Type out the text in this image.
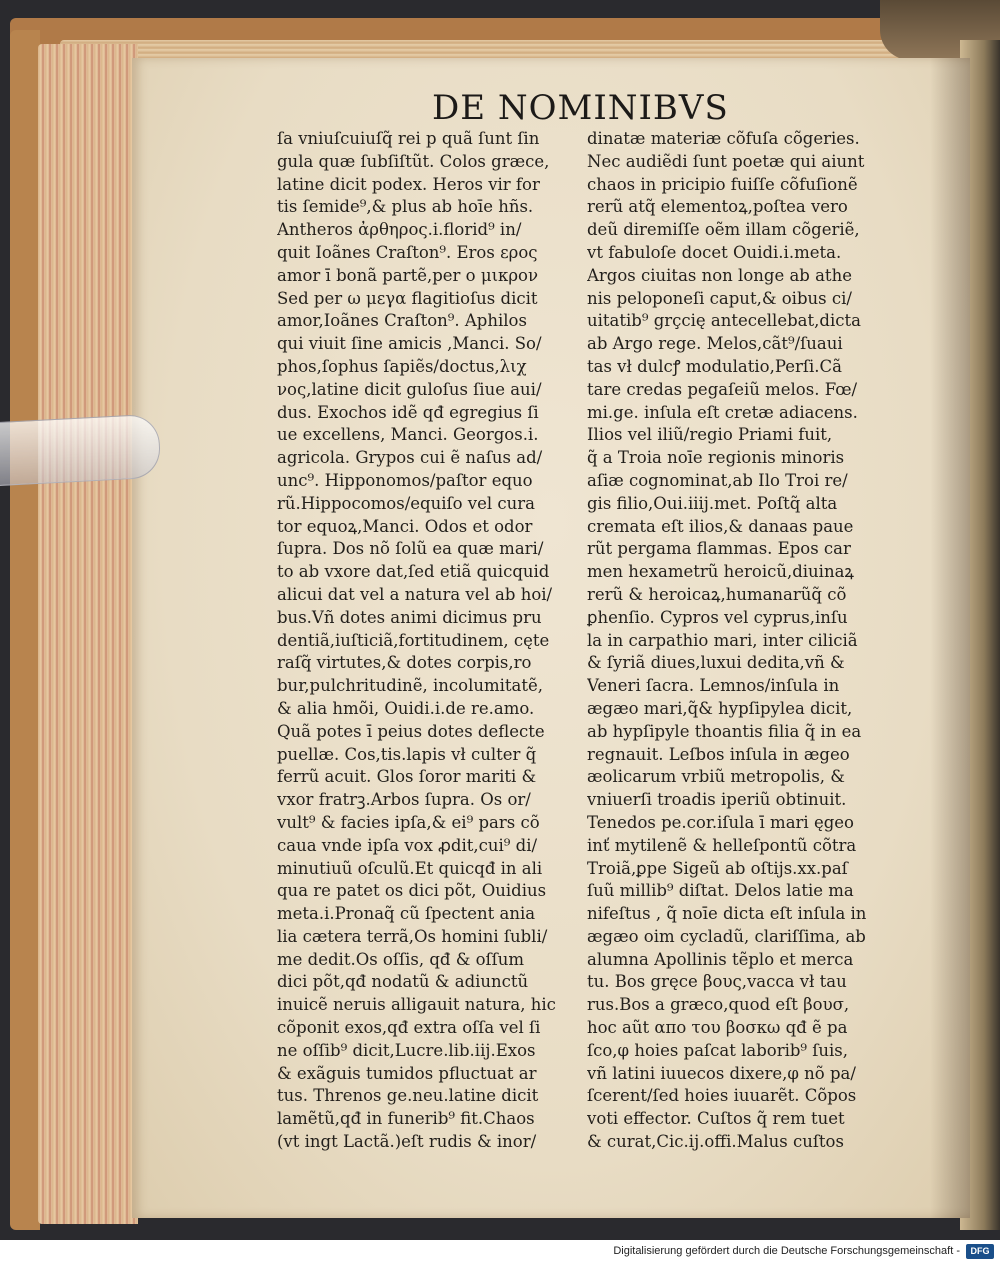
DE NOMINIBVS
ſa vniuſcuiuſq̃ rei p quã ſunt ſin
gula quæ ſubſiſtũt. Colos græce,
latine dicit podex. Heros vir for
tis ſemide⁹,& plus ab hoīe hñs.
Antheros ἀρθηρος.i.florid⁹ in/
quit Ioãnes Craſton⁹. Eros ερος
amor ī bonã partẽ,per ο μικρον
Sed per ω μεγα flagitioſus dicit
amor,Ioãnes Craſton⁹. Aphilos
qui viuit ſine amicis ,Manci. So/
phos,ſophus ſapiẽs/doctus,λιχ
νος,latine dicit guloſus ſiue aui/
dus. Exochos idẽ qđ egregius ſi
ue excellens, Manci. Georgos.i.
agricola. Grypos cui ẽ naſus ad/
unc⁹. Hipponomos/paſtor equo
rũ.Hippocomos/equiſo vel cura
tor equoꝝ,Manci. Odos et odor
ſupra. Dos nõ ſolũ ea quæ mari/
to ab vxore dat,ſed etiã quicquid
alicui dat vel a natura vel ab hoi/
bus.Vñ dotes animi dicimus pru
dentiã,iuſticiã,fortitudinem, cęte
raſq̃ virtutes,& dotes corpis,ro
bur,pulchritudinẽ, incolumitatẽ,
& alia hmõi, Ouidi.i.de re.amo.
Quã potes ī peius dotes deflecte
puellæ. Cos,tis.lapis vł culter q̃
ferrũ acuit. Glos ſoror mariti &
vxor fratrꝫ.Arbos ſupra. Os or/
vult⁹ & facies ipſa,& ei⁹ pars cõ
caua vnde ipſa vox ꝓdit,cui⁹ di/
minutiuũ oſculũ.Et quicqđ in ali
qua re patet os dici põt, Ouidius
meta.i.Pronaq̃ cũ ſpectent ania
lia cætera terrã,Os homini ſubli/
me dedit.Os oſſis, qđ & oſſum
dici põt,qđ nodatũ & adiunctũ
inuicẽ neruis alligauit natura, hic
cõponit exos,qđ extra oſſa vel ſi
ne oſſib⁹ dicit,Lucre.lib.iij.Exos
& exãguis tumidos pfluctuat ar
tus. Threnos ge.neu.latine dicit
lamẽtũ,qđ in funerib⁹ fit.Chaos
(vt ingt Lactã.)eſt rudis & inor/
dinatæ materiæ cõfuſa cõgeries.
Nec audiẽdi ſunt poetæ qui aiunt
chaos in pricipio fuiſſe cõfuſionẽ
rerũ atq̃ elementoꝝ,poſtea vero
deũ diremiſſe oẽm illam cõgeriẽ,
vt fabuloſe docet Ouidi.i.meta.
Argos ciuitas non longe ab athe
nis peloponeſi caput,& oibus ci/
uitatib⁹ grçcię antecellebat,dicta
ab Argo rege. Melos,cãt⁹/ſuaui
tas vł dulcꝭ modulatio,Perſi.Cã
tare credas pegaſeiũ melos. Fœ/
mi.ge. inſula eſt cretæ adiacens.
Ilios vel iliũ/regio Priami fuit,
q̃ a Troia noīe regionis minoris
aſiæ cognominat,ab Ilo Troi re/
gis filio,Oui.iiij.met. Poſtq̃ alta
cremata eſt ilios,& danaas paue
rũt pergama flammas. Epos car
men hexametrũ heroicũ,diuinaꝝ
rerũ & heroicaꝝ,humanarũq̃ cõ
ꝑhenſio. Cypros vel cyprus,inſu
la in carpathio mari, inter ciliciã
& ſyriã diues,luxui dedita,vñ &
Veneri ſacra. Lemnos/inſula in
ægæo mari,q̃& hypſipylea dicit,
ab hypſipyle thoantis filia q̃ in ea
regnauit. Leſbos inſula in ægeo
æolicarum vrbiũ metropolis, &
vniuerſi troadis iperiũ obtinuit.
Tenedos pe.cor.iſula ī mari ęgeo
inť mytilenẽ & helleſpontũ cõtra
Troiã,ꝑpe Sigeũ ab oſtijs.xx.paſ
ſuũ millib⁹ diſtat. Delos latie ma
nifeſtus , q̃ noīe dicta eſt inſula in
ægæo oim cycladũ, clariſſima, ab
alumna Apollinis tẽplo et merca
tu. Bos gręce βους,vacca vł tau
rus.Bos a græco,quod eſt βουσ,
hoc aũt απο του βοσκω qđ ẽ pa
ſco,φ hoies paſcat laborib⁹ ſuis,
vñ latini iuuecos dixere,φ nõ pa/
ſcerent/ſed hoies iuuarẽt. Cõpos
voti effector. Cuſtos q̃ rem tuet
& curat,Cic.ij.offi.Malus cuſtos
Digitalisierung gefördert durch die Deutsche Forschungsgemeinschaft -	DFG
